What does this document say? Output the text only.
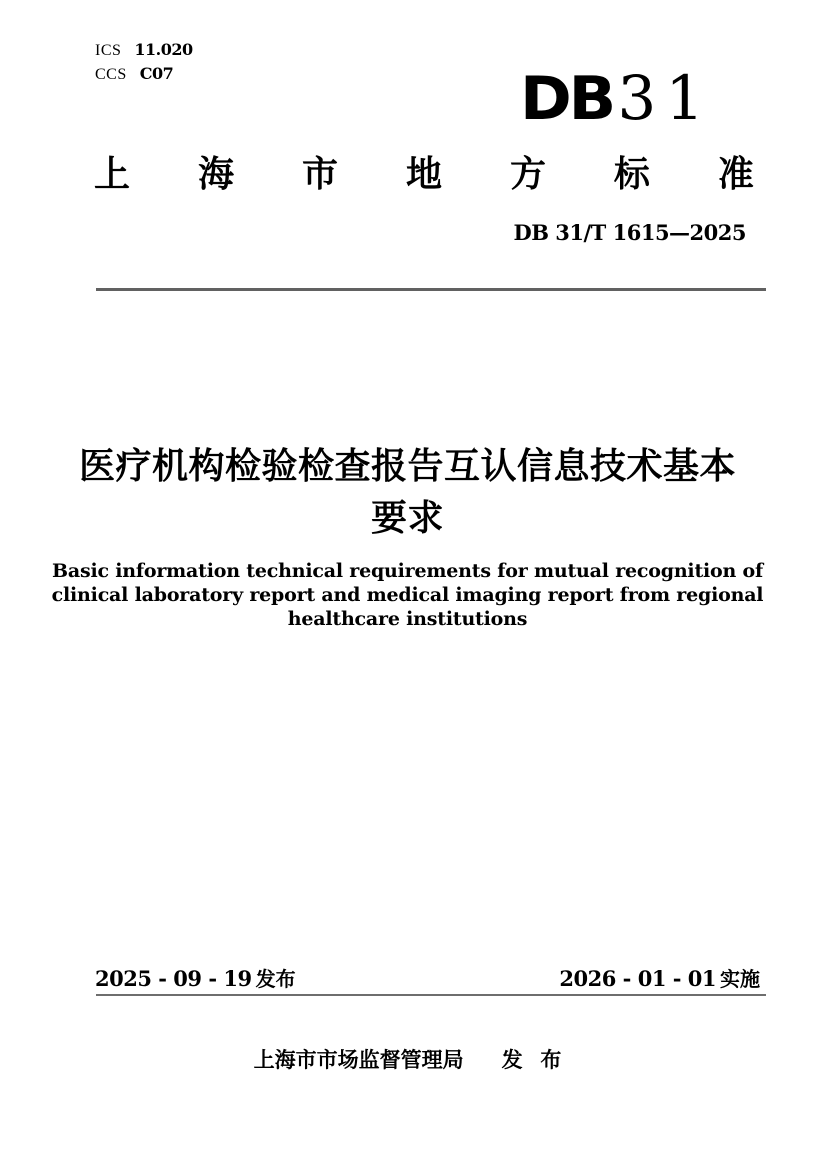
ICS 11.020
CCS C07	DB 31
上 海 市 地 方 标 准
DB 31/T 1615—2025
医疗机构检验检查报告互认信息技术基本
要求
Basic information technical requirements for mutual recognition of
clinical laboratory report and medical imaging report from regional
healthcare institutions
2025 - 09 - 19 发布	2026 - 01 - 01 实施
上海市市场监督管理局 发 布
